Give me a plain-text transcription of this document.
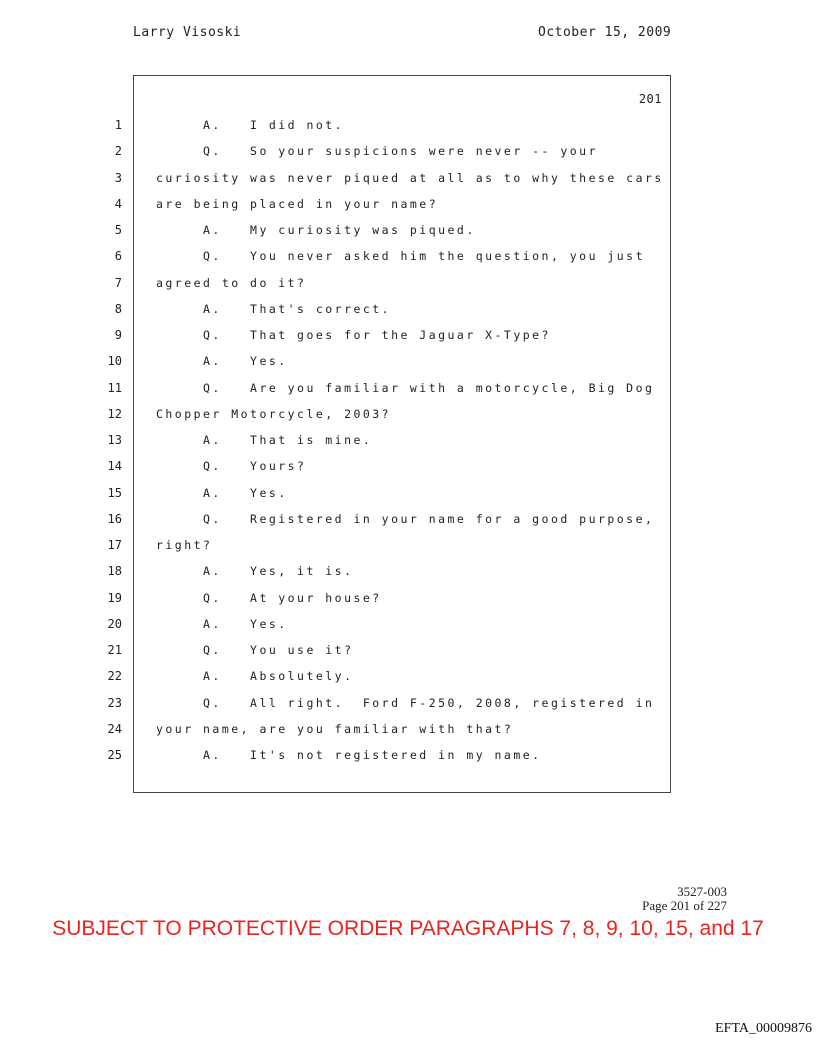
Larry Visoski	October 15, 2009
201
1	A.   I did not.
2	Q.   So your suspicions were never -- your
3	curiosity was never piqued at all as to why these cars
4	are being placed in your name?
5	A.   My curiosity was piqued.
6	Q.   You never asked him the question, you just
7	agreed to do it?
8	A.   That's correct.
9	Q.   That goes for the Jaguar X-Type?
10	A.   Yes.
11	Q.   Are you familiar with a motorcycle, Big Dog
12	Chopper Motorcycle, 2003?
13	A.   That is mine.
14	Q.   Yours?
15	A.   Yes.
16	Q.   Registered in your name for a good purpose,
17	right?
18	A.   Yes, it is.
19	Q.   At your house?
20	A.   Yes.
21	Q.   You use it?
22	A.   Absolutely.
23	Q.   All right.  Ford F-250, 2008, registered in
24	your name, are you familiar with that?
25	A.   It's not registered in my name.
3527-003
Page 201 of 227
SUBJECT TO PROTECTIVE ORDER PARAGRAPHS 7, 8, 9, 10, 15, and 17
EFTA_00009876
